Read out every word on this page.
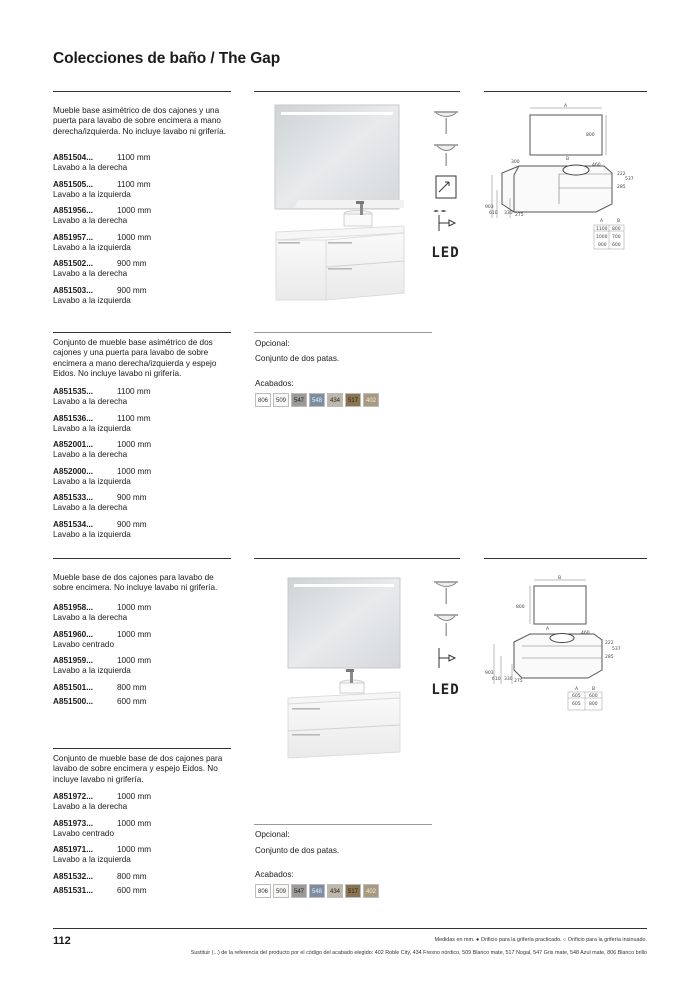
Colecciones de baño / The Gap
Mueble base asimétrico de dos cajones y una puerta para lavabo de sobre encimera a mano derecha/izquierda. No incluye lavabo ni grifería.
A851504...	1100 mm
Lavabo a la derecha
A851505...	1100 mm
Lavabo a la izquierda
A851956...	1000 mm
Lavabo a la derecha
A851957...	1000 mm
Lavabo a la izquierda
A851502...	900 mm
Lavabo a la derecha
A851503...	900 mm
Lavabo a la izquierda
◄► ◄►
LED
A
800
300
B
460
222
537
285
903
610 330 275
A	B
1100 800
1000 700
900 600
Conjunto de mueble base asimétrico de dos cajones y una puerta para lavabo de sobre encimera a mano derecha/izquierda y espejo Eidos. No incluye lavabo ni grifería.
A851535...	1100 mm
Lavabo a la derecha
A851536...	1100 mm
Lavabo a la izquierda
A852001...	1000 mm
Lavabo a la derecha
A852000...	1000 mm
Lavabo a la izquierda
A851533...	900 mm
Lavabo a la derecha
A851534...	900 mm
Lavabo a la izquierda
Opcional:
Conjunto de dos patas.
Acabados:
806	509	547	548	434	517	402
Mueble base de dos cajones para lavabo de sobre encimera. No incluye lavabo ni grifería.
A851958...	1000 mm
Lavabo a la derecha
A851960...	1000 mm
Lavabo centrado
A851959...	1000 mm
Lavabo a la izquierda
A851501...	800 mm
A851500...	600 mm
LED
B
800
A
460
222
537
285
903
610 330 275
A	B
605 600
605 800
Conjunto de mueble base de dos cajones para lavabo de sobre encimera y espejo Eidos. No incluye lavabo ni grifería.
A851972...	1000 mm
Lavabo a la derecha
A851973...	1000 mm
Lavabo centrado
A851971...	1000 mm
Lavabo a la izquierda
A851532...	800 mm
A851531...	600 mm
Opcional:
Conjunto de dos patas.
Acabados:
806	509	547	548	434	517	402
112	Medidas en mm. ● Orificio para la grifería practicado. ○ Orificio para la grifería insinuado.
Sustituir (...) de la referencia del producto por el código del acabado elegido: 402 Roble City, 434 Fresno nórdico, 509 Blanco mate, 517 Nogal, 547 Gris mate, 548 Azul mate, 806 Blanco brillo
